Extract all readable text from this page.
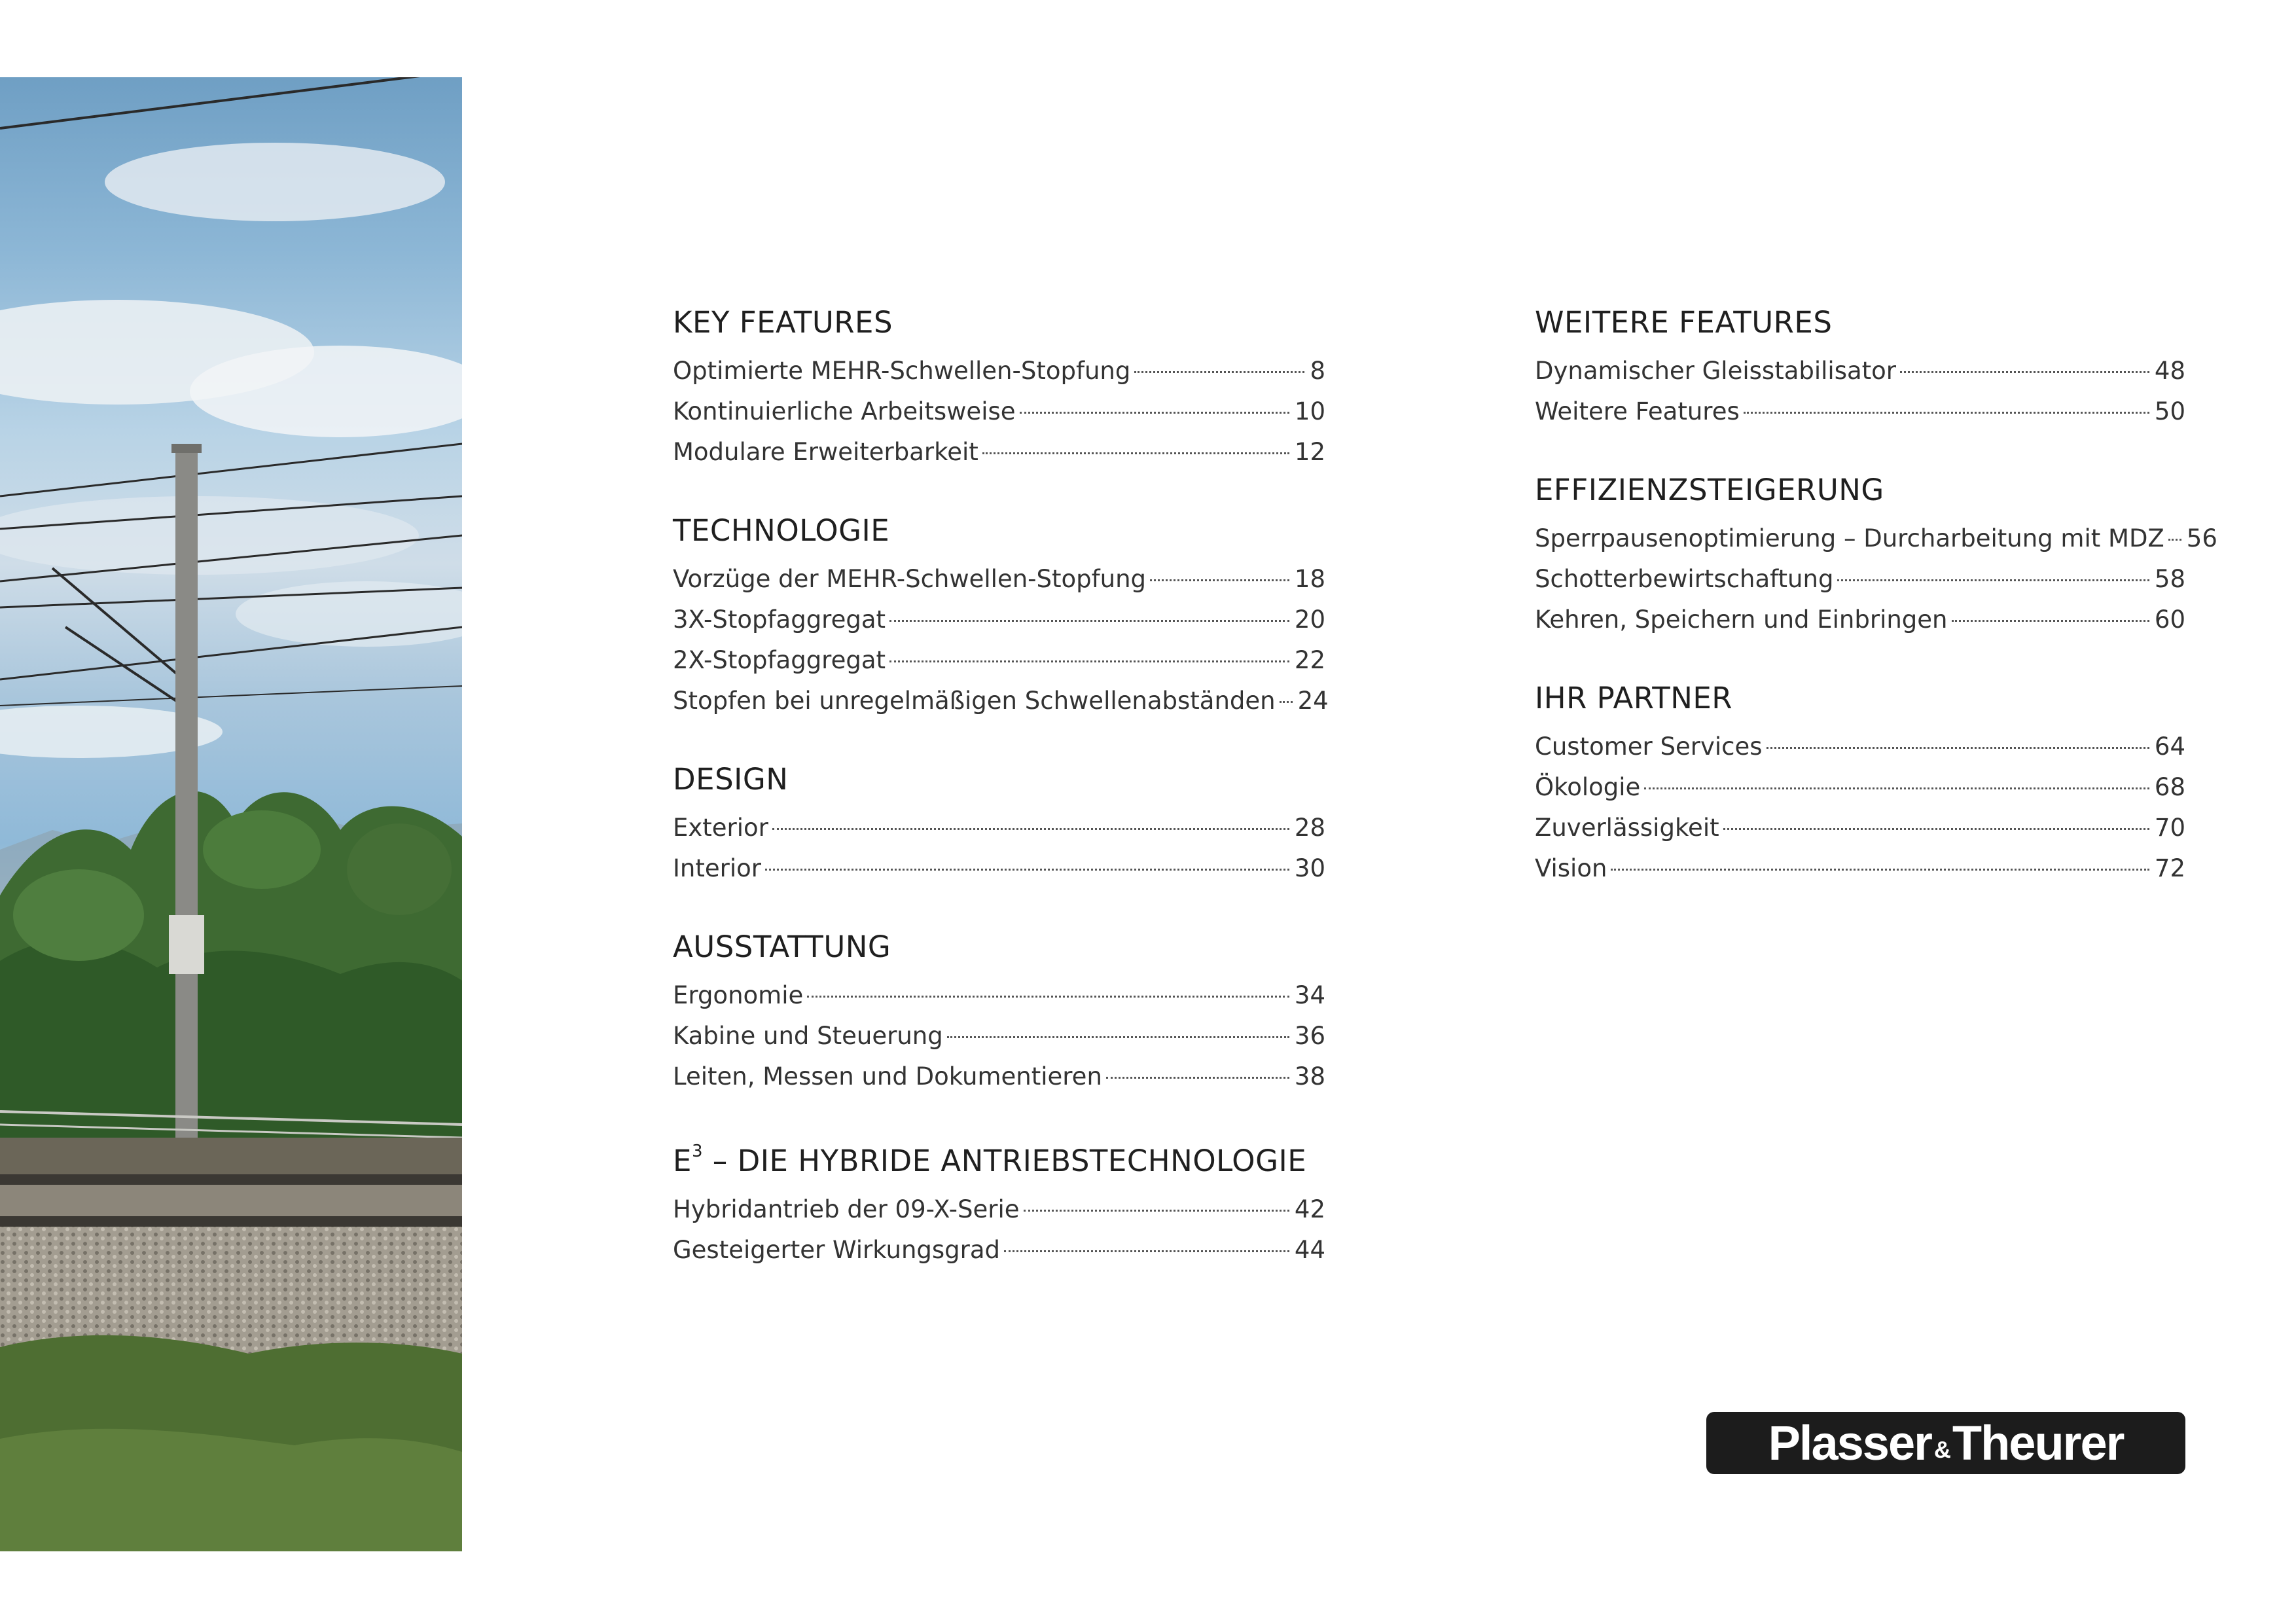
KEY FEATURES
Optimierte MEHR-Schwellen-Stopfung	8
Kontinuierliche Arbeitsweise	10
Modulare Erweiterbarkeit	12
TECHNOLOGIE
Vorzüge der MEHR-Schwellen-Stopfung	18
3X-Stopfaggregat	20
2X-Stopfaggregat	22
Stopfen bei unregelmäßigen Schwellenabständen 24
DESIGN
Exterior	28
Interior	30
AUSSTATTUNG
Ergonomie	34
Kabine und Steuerung	36
Leiten, Messen und Dokumentieren	38
$E^3$ – DIE HYBRIDE ANTRIEBSTECHNOLOGIE
Hybridantrieb der 09-X-Serie	42
Gesteigerter Wirkungsgrad	44
WEITERE FEATURES
Dynamischer Gleisstabilisator	48
Weitere Features	50
EFFIZIENZSTEIGERUNG
Sperrpausenoptimierung – Durcharbeitung mit MDZ 56
Schotterbewirtschaftung	58
Kehren, Speichern und Einbringen	60
IHR PARTNER
Customer Services	64
Ökologie	68
Zuverlässigkeit	70
Vision	72
Plasser & Theurer
